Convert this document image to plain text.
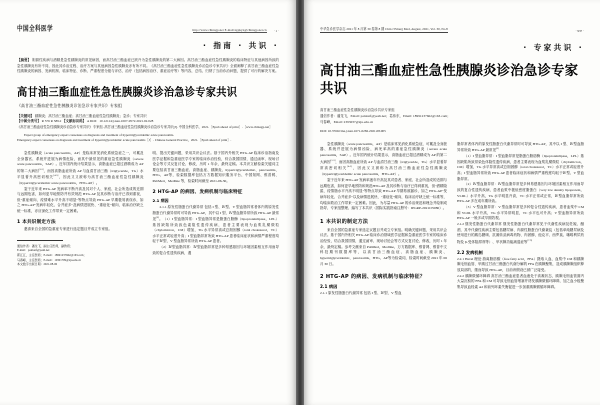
中国全科医学	http://www.chinagp.net E-mail:zgqkyx@chinagp.net.cn · 1 ·
· 指南 · 共识 ·
【摘要】 胆源性疾病与酒精是急性胰腺炎的常见病因，而高甘油三酯血症已跃升为急性胰腺炎的第二大病因。高甘油三酯血症性急性胰腺炎的临床特征与其他病因所致的急性胰腺炎有所不同，因此其诊治过程、治疗方案与其他病因急性胰腺炎亦有所不同。《高甘油三酯血症性急性胰腺炎诊治急诊专家共识》全面阐释了高甘油三酯血症性急性胰腺炎的病因、发病机制、临床特征、诊断、严重程度分级与评估、治疗（包括病因治疗、重症治疗等）等内容，总结、归纳了当前诊治问题，提供了可行的解决方案。
高甘油三酯血症性急性胰腺炎诊治急诊专家共识
《高甘油三酯血症性急性胰腺炎诊治急诊专家共识》专家组
【关键词】 胰腺炎；高甘油三酯血症；高甘油三酯血症性急性胰腺炎；急诊；专家共识
【中图分类号】 R 576 R 589.2 【文献标识码】 A DOI：10.12114/j.issn.1007-9572.2021.02.028
《高甘油三酯血症性急性胰腺炎诊治急诊专家共识》专家组. 高甘油三酯血症性急性胰腺炎诊治急诊专家共识[J]. 中国全科医学，2021.［Epub ahead of print］.［www.chinagp.net］
Expert group of emergency expert consensus on diagnosis and treatment of hypertriglyceridemic acute pancreatitis.
Emergency expert consensus on diagnosis and treatment of hypertriglyceridemic acute pancreatitis［J］. Chinese General Practice，2021.［Epub ahead of print］.

急性胰腺炎（acute pancreatitis，AP）是临床常见消化系统急症之一，可累及全身器官、系统并进展为病情危险，而其中最常见的重症急性胰腺炎（severe acute pancreatitis，SAP）。近年国内统计结果显示，高脂血症已超过酒精成为 AP 的第二大病因[1-3]，而因高脂血症所致 AP 与血清甘油三酯（triglyceride，TG）水平显著升高密切相关[4-5]，因此又又被称为高甘油三酯血症性急性胰腺炎（hypertriglyceridemic acute pancreatitis，HTG-AP）。

鉴于近年来 HTG-AP 发病率不断升高及其对个人、家庭、社会所造成的近期与远期危害，如何更早地预防并有效规范 HTG-AP 及其诊断与治疗已得到重视，但"重症倾向、疫情难水平升高不明显"等特点导致 HTG-AP 早期极易被误诊，如之 HTG-AP"发病年轻化、合并症多"及病情进展快、"重症化"倾向，临床治疗缺乏统一标准，亦应深化工作带来一定困难。

1 本共识制定方法

邀请来自全国的急重症专家进行选定题目并成立专家组。

通信作者：潘龙飞，副主任医师，副教授；
E-mail：panlonf@yeah.net
郭江江，主任医师；E-mail：18991237662@163.com；
马春峰，主任医师；E-mail：19301709@zju.edu.cn
本文数字出版日期：2021-08-06

明、提出关键问题，采用共识会议法。基于国内外相关 HTG-AP 临床诊治指南及医学证据和急重症医学专家的临床诊治经验，综合我国国情，通过函审、现场讨论会等方式反复讨论、修改，历时 1 年余，最终定稿。本共识文献检索关键词主要包括高甘油三酯血症、高脂血症、胰腺炎、hypertriglyceridemic、pancreatitis、HTG、AP等，检索数据库包括万方数据知识服务平台、中国知网、维普网、PubMed、Medline 等，检索时间截至 2021-06-30。

2 HTG-AP 的病因、发病机制与临床特征
2.1 病因

2.1.1 原发性脂蛋白代谢异常 包括 I 型、Ⅳ型、V 型血脂异常者体内的原发性脂蛋白代谢异常时可导致 HTG-AP，其中以 I 型、Ⅳ型血脂异常所致 HTG-AP 最常见[6]。（1）I 型血脂异常：I 型血脂异常是脂蛋白脂酶（lipoproteinlipase，LPL）基因缺陷所致致色素阻性遗传疾病，患者主要表现为血浆乳糜微粒（chylomicron，CM）增加，TG 水平异常高或总胆固醇（total cholesterol，TC）水平正常或轻度升高；I 型血脂异常所致 HTG-AP 患者临床症状和病情严重程度均轻于Ⅳ型、V 型血脂异常所致 HTG-AP 患者。

（2）Ⅳ型血脂异常：Ⅳ型血脂异常是多种易感基因与环境因素相互作用而导致的复合性遗传疾病，遇

中华急诊医学杂志 2021 年 8 月第 30 卷第 8 期 Chin J Emerg Med, August, 2021, Vol. 30, No.8	· 937 ·
· 专家共识 ·
高甘油三酯血症性急性胰腺炎诊治急诊专家共识
高甘油三酯血症性急性胰腺炎诊治急诊共识专家组
通信作者：潘龙飞，Email: panlonf@yeah.net；葛伟东，Email: 18991237662@163.com；
马春峰，Email: 2393037@zju.edu.cn
DOI: 10.3760/cma.j.issn.1671-0282.2021.08.005

急性胰腺炎（acute pancreatitis，AP）是临床常见消化系统急症，可累及全身脏器、系统并进展为病情凶险，病死率高的重症急性胰腺炎（severe acute pancreatitis，SAP）。近年国内统计结果显示，高脂血症已超过酒精成为 AP 的第二大病因[1-3]，而因高脂血症所致 AP 与血清甘油三酯（triglyceride，TG）水平显著异常高密切相关[4-5]，因此又又被称为高甘油三酯血症性急性胰腺炎（hypertriglyceridemic acute pancreatitis，HTG-AP）。

鉴于近年来 HTG-AP 发病率逐年升高及其对患者、家庭、社会所造成的近期与远期危害，如何更早地预防和规范HTG-AP 及其诊断与治疗已得到重视，但"酒精隐匿、疫情脂水平升高不明显"等特点导致 HTG-AP 早期易被漏诊，如之 HTG-AP"发病年轻化、合并症多"以及病情进展快、"重症化"倾向，临床治疗缺乏统一标准等，均临床救治工作带来一定困难。因此，为尽量 HTG-AP 的诊治规范和理念并绘制成指导、专家组整理、编写了本共识（国际实践指南注册号：IPGRP-2021CN080）。

1 本共识的制定方法

来自全国的急重症专家选定议题目并成立专家组。明确关键问题，采用共识会议法。基于国内外相关 HTG-AP 临床诊治领域医学证据和急重症医学专家的临床诊治经验，结合我国国情，通过函审、现场讨论会等方式反复讨论、修改，历时 1 年余，最终定稿。参考文献来自 PubMed、Medline、万方数据库、维普网、维普中文科技期刊数据库等，以高甘油三酯血症、高脂血症、胰腺炎、hypertriglyceridemic、pancreatitis、HTG、AP等为检索词，检索时间截至 2021 年 06 月 30 日。

2 HTG-AP 的病因、发病机制与临床特征？
2.1 病因

2.1.1 原发性脂蛋白代谢异常 包括 I 型、Ⅳ型、V 型血

脂异常者体内的原发性脂蛋白代谢异常时可导致 HTG-AP，其中以 I 型、Ⅳ型血脂异常所致 HTG-AP 最常见[6]

（1）I 型血脂异常：I 型血脂异常是脂蛋白脂肪酶（lipoproteinlipase，LPL）基因缺陷所致常染色体隐性遗传疾病，患者主要表现为血浆乳糜微粒（chylomicron，CM）增加，TG 水平异常高或总胆固醇（total cholesterol，TC）水平正常或轻度升高；I 型血脂异常所致 HTG-AP 患者临床症状和病情严重程度均轻于Ⅳ型、V 型血脂异常。

（2）Ⅳ型血脂异常：Ⅳ型血脂异常是多种易感基因与环境因素相互作用而导致的复合性遗传疾病，患者血浆中极低密度脂蛋白（very low density lipoprotein，VLDL）水平升高，TG 水平明显升高，TC 水平正常或正常，Ⅳ型血脂异常所致 HTG-AP 多在成年期所致。

（3）V 型血脂异常：V 型血脂异常是多种复合性遗传疾病，患者血浆中 CM 和 VLDL 水平升高，TG 水平异常明显，TC 水平也可升高；V 型血脂异常所致 HTG-AP 一般多或早期效观。

2.1.2 继发性脂蛋白代谢异常 继发性脂蛋白代谢异常见于代谢性疾病及妊娠、酗酒，其中代谢性疾病主要包括糖尿病、肉源性脂蛋白代谢紊乱（包括单纯糖尿病及使用进行的胰岛糖调、抗凝转录病毒药物、肉固醇、他克平、西罗莫、噻嗪利尿药物及 β-受体阻滞剂等）、甲状腺功能减退症等[7-9]

2.2 发病机制

2.2.1 Havel 理论 游离脂肪酸（free fatty acid，FFA）摄取入血、血浆中 CM 和胰腺腺毛细血管、甲胰过甘油三酯蛋白代谢分解的 FFA 在胰腺聚集，造成胰腺腺组织释放局部的，继而导致 HTG-AP，目前该假设已被广泛接受。

2.2.2 胰腺微循环障碍 高甘油三酯血症患者血液处于高凝状态，胰腺毛细血管面内大量沉积的 FFA 和 CM 可导致毛细血管堵塞并诱发胰腺微循环障碍，加之血小板聚集导致血栓素 A2 和前列环素失衡促进一步加重胰腺微循环障碍。
